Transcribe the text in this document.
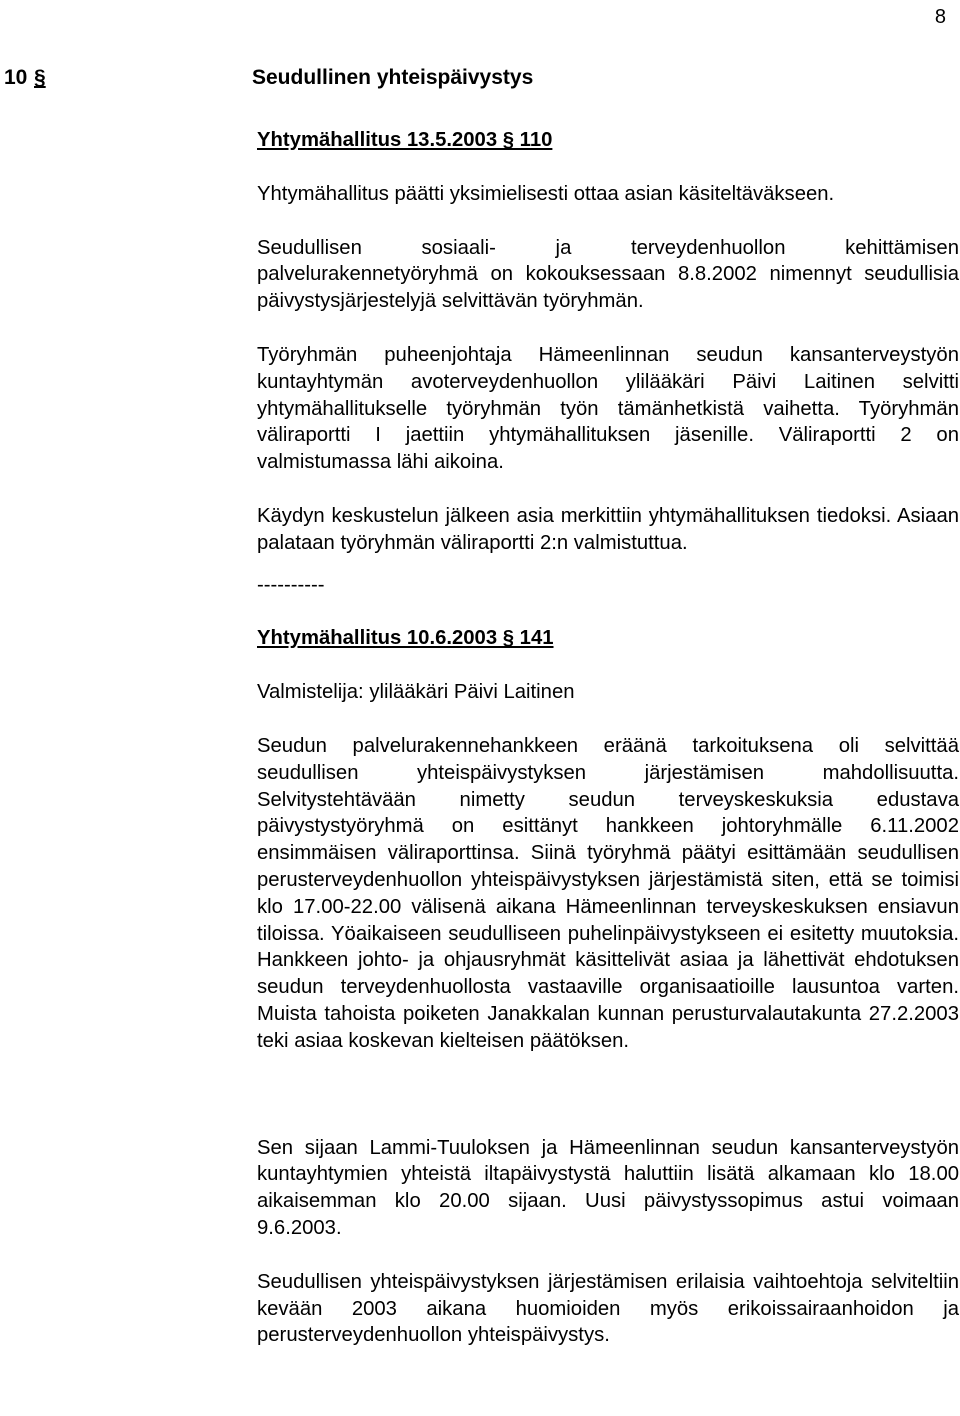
8
10 §	Seudullinen yhteispäivystys

Yhtymähallitus 13.5.2003 § 110

Yhtymähallitus päätti yksimielisesti ottaa asian käsiteltäväkseen.

Seudullisen sosiaali- ja terveydenhuollon kehittämisen palvelurakennetyöryhmä on kokouksessaan 8.8.2002 nimennyt seudullisia päivystysjärjestelyjä selvittävän työryhmän.

Työryhmän puheenjohtaja Hämeenlinnan seudun kansanterveystyön kuntayhtymän avoterveydenhuollon ylilääkäri Päivi Laitinen selvitti yhtymähallitukselle työryhmän työn tämänhetkistä vaihetta. Työryhmän väliraportti I jaettiin yhtymähallituksen jäsenille. Väliraportti 2 on valmistumassa lähi aikoina.

Käydyn keskustelun jälkeen asia merkittiin yhtymähallituksen tiedoksi. Asiaan palataan työryhmän väliraportti 2:n valmistuttua.

----------

Yhtymähallitus 10.6.2003 § 141

Valmistelija: ylilääkäri Päivi Laitinen

Seudun palvelurakennehankkeen eräänä tarkoituksena oli selvittää seudullisen yhteispäivystyksen järjestämisen mahdollisuutta. Selvitystehtävään nimetty seudun terveyskeskuksia edustava päivystystyöryhmä on esittänyt hankkeen johtoryhmälle 6.11.2002 ensimmäisen väliraporttinsa. Siinä työryhmä päätyi esittämään seudullisen perusterveydenhuollon yhteispäivystyksen järjestämistä siten, että se toimisi klo 17.00-22.00 välisenä aikana Hämeenlinnan terveyskeskuksen ensiavun tiloissa. Yöaikaiseen seudulliseen puhelinpäivystykseen ei esitetty muutoksia. Hankkeen johto- ja ohjausryhmät käsittelivät asiaa ja lähettivät ehdotuksen seudun terveydenhuollosta vastaaville organisaatioille lausuntoa varten. Muista tahoista poiketen Janakkalan kunnan perusturvalautakunta 27.2.2003 teki asiaa koskevan kielteisen päätöksen.

Sen sijaan Lammi-Tuuloksen ja Hämeenlinnan seudun kansanterveystyön kuntayhtymien yhteistä iltapäivystystä haluttiin lisätä alkamaan klo 18.00 aikaisemman klo 20.00 sijaan. Uusi päivystyssopimus astui voimaan 9.6.2003.

Seudullisen yhteispäivystyksen järjestämisen erilaisia vaihtoehtoja selviteltiin kevään 2003 aikana huomioiden myös erikoissairaanhoidon ja perusterveydenhuollon yhteispäivystys.
